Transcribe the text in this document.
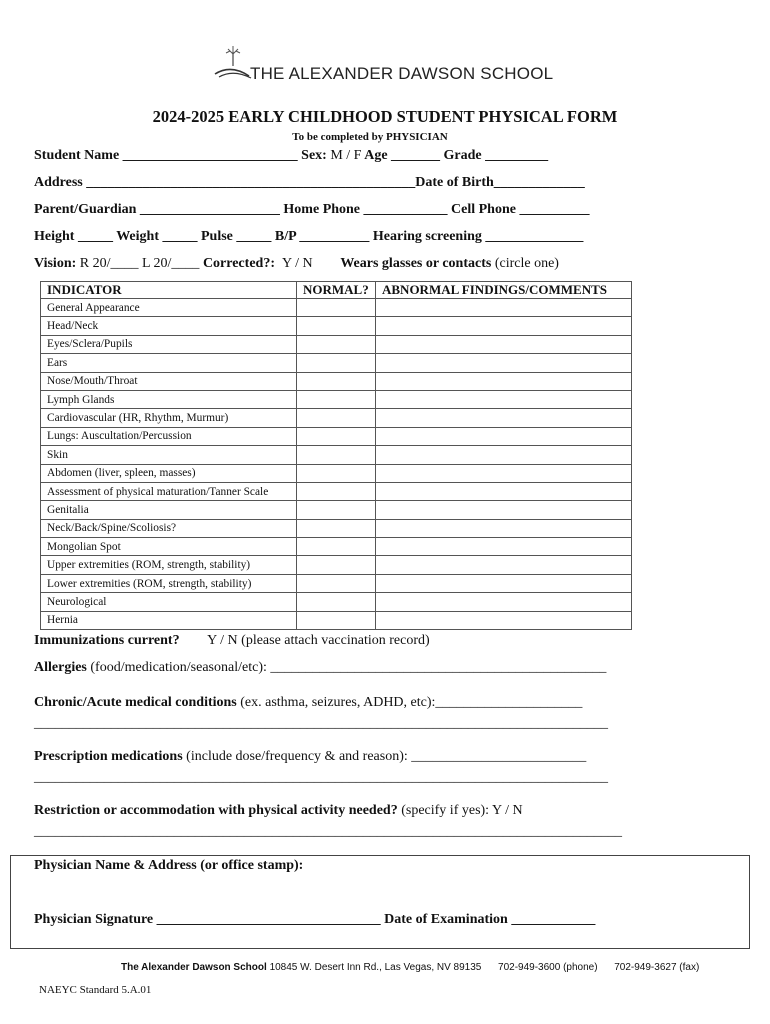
THE ALEXANDER DAWSON SCHOOL
2024-2025 EARLY CHILDHOOD STUDENT PHYSICAL FORM
To be completed by PHYSICIAN
Student Name _________________________ Sex: M / F Age _______ Grade _________
Address _______________________________________________Date of Birth_____________
Parent/Guardian ____________________ Home Phone ____________ Cell Phone __________
Height _____ Weight _____ Pulse _____ B/P __________ Hearing screening ______________
Vision: R 20/____ L 20/____ Corrected?: Y / N Wears glasses or contacts (circle one)
INDICATOR	NORMAL?	ABNORMAL FINDINGS/COMMENTS
General Appearance		
Head/Neck		
Eyes/Sclera/Pupils		
Ears		
Nose/Mouth/Throat		
Lymph Glands		
Cardiovascular (HR, Rhythm, Murmur)		
Lungs: Auscultation/Percussion		
Skin		
Abdomen (liver, spleen, masses)		
Assessment of physical maturation/Tanner Scale		
Genitalia		
Neck/Back/Spine/Scoliosis?		
Mongolian Spot		
Upper extremities (ROM, strength, stability)		
Lower extremities (ROM, strength, stability)		
Neurological		
Hernia		
Immunizations current? Y / N (please attach vaccination record)
Allergies (food/medication/seasonal/etc): ________________________________________________
Chronic/Acute medical conditions (ex. asthma, seizures, ADHD, etc):_____________________
__________________________________________________________________________________
Prescription medications (include dose/frequency & and reason): _________________________
__________________________________________________________________________________
Restriction or accommodation with physical activity needed? (specify if yes): Y / N
____________________________________________________________________________________
Physician Name & Address (or office stamp):
Physician Signature ________________________________ Date of Examination ____________
The Alexander Dawson School 10845 W. Desert Inn Rd., Las Vegas, NV 89135 702-949-3600 (phone) 702-949-3627 (fax)
NAEYC Standard 5.A.01
